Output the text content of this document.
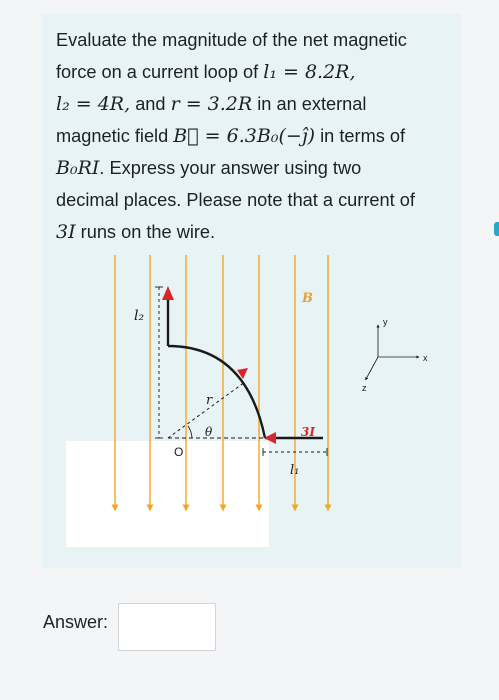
Evaluate the magnitude of the net magnetic
force on a current loop of l₁ = 8.2R,
l₂ = 4R, and r = 3.2R in an external
magnetic field B⃗ = 6.3B₀(−ĵ) in terms of
B₀RI. Express your answer using two
decimal places. Please note that a current of
3I runs on the wire.
l₂
B
r
θ
O
3I
l₁
y
x
z
Answer:
